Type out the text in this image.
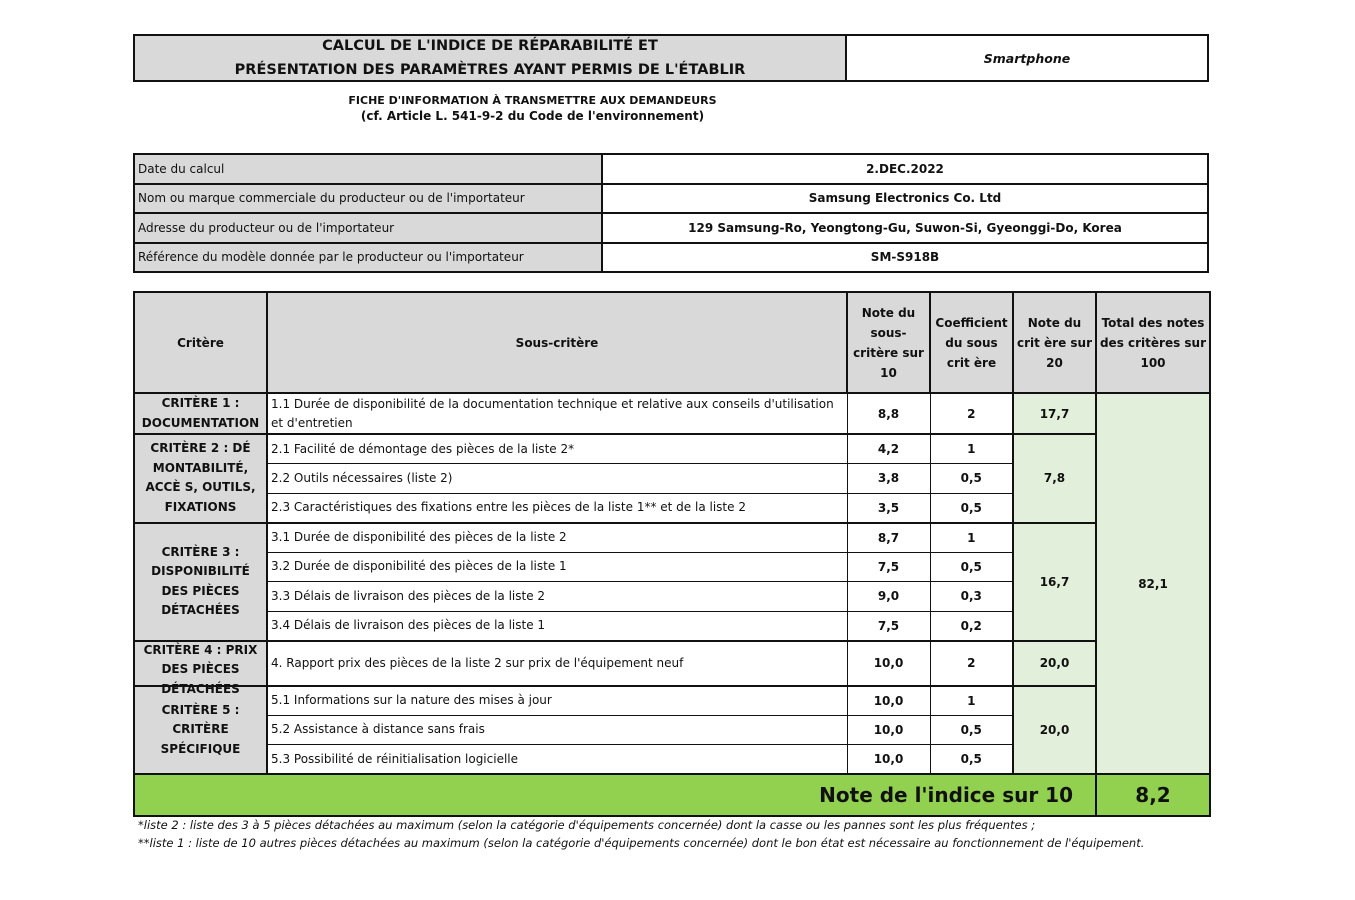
CALCUL DE L'INDICE DE RÉPARABILITÉ ET
PRÉSENTATION DES PARAMÈTRES AYANT PERMIS DE L'ÉTABLIR
Smartphone
FICHE D'INFORMATION À TRANSMETTRE AUX DEMANDEURS
(cf. Article L. 541-9-2 du Code de l'environnement)
Date du calcul	2.DEC.2022
Nom ou marque commerciale du producteur ou de l'importateur	Samsung Electronics Co. Ltd
Adresse du producteur ou de l'importateur	129 Samsung-Ro, Yeongtong-Gu, Suwon-Si, Gyeonggi-Do, Korea
Référence du modèle donnée par le producteur ou l'importateur	SM-S918B
Critère	Sous-critère	Note du sous-critère sur 10	Coefficient du sous crit ère	Note du crit ère sur 20	Total des notes des critères sur 100
CRITÈRE 1 : DOCUMENTATION	1.1 Durée de disponibilité de la documentation technique et relative aux conseils d'utilisation et d'entretien	8,8	2	17,7	82,1
CRITÈRE 2 : DÉ MONTABILITÉ, ACCÈ S, OUTILS, FIXATIONS	2.1 Facilité de démontage des pièces de la liste 2*	4,2	1	7,8	
	2.2 Outils nécessaires (liste 2)	3,8	0,5		
	2.3 Caractéristiques des fixations entre les pièces de la liste 1** et de la liste 2	3,5	0,5		
CRITÈRE 3 : DISPONIBILITÉ DES PIÈCES DÉTACHÉES	3.1 Durée de disponibilité des pièces de la liste 2	8,7	1	16,7	
	3.2 Durée de disponibilité des pièces de la liste 1	7,5	0,5		
	3.3 Délais de livraison des pièces de la liste 2	9,0	0,3		
	3.4 Délais de livraison des pièces de la liste 1	7,5	0,2		

CRITÈRE 4 : PRIX DES PIÈCES DÉTACHÉES	4. Rapport prix des pièces de la liste 2 sur prix de l'équipement neuf	10,0	2	20,0	
CRITÈRE 5 : CRITÈRE SPÉCIFIQUE	5.1 Informations sur la nature des mises à jour	10,0	1	20,0	
	5.2 Assistance à distance sans frais	10,0	0,5		
	5.3 Possibilité de réinitialisation logicielle	10,0	0,5		
Note de l'indice sur 10					8,2
*liste 2 : liste des 3 à 5 pièces détachées au maximum (selon la catégorie d'équipements concernée) dont la casse ou les pannes sont les plus fréquentes ;
**liste 1 : liste de 10 autres pièces détachées au maximum (selon la catégorie d'équipements concernée) dont le bon état est nécessaire au fonctionnement de l'équipement.
